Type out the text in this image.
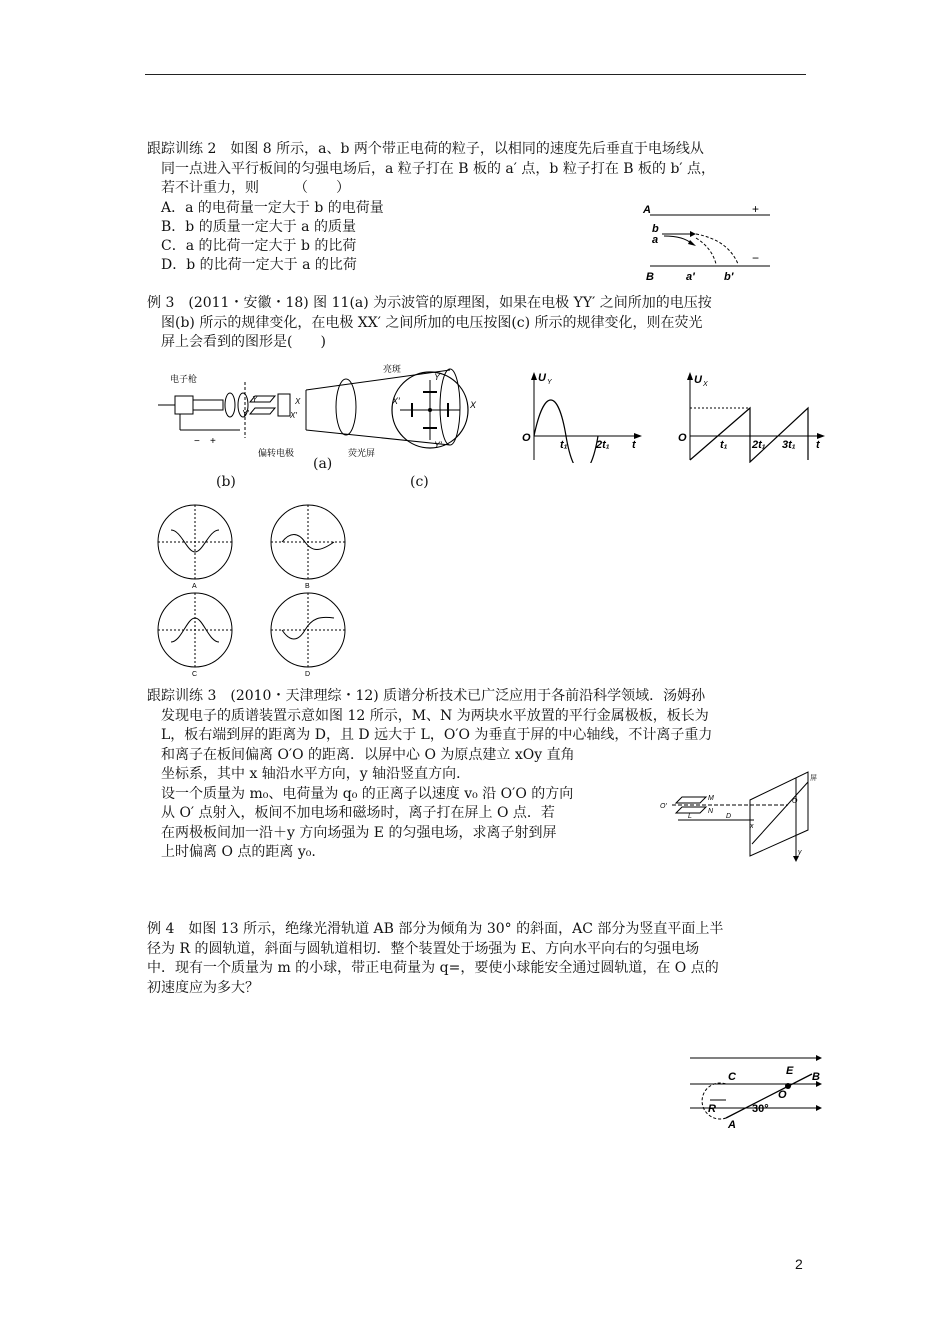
跟踪训练 2　如图 8 所示，a、b 两个带正电荷的粒子，以相同的速度先后垂直于电场线从
同一点进入平行板间的匀强电场后，a 粒子打在 B 板的 a′ 点，b 粒子打在 B 板的 b′ 点，
若不计重力，则　　　（　　）
A．a 的电荷量一定大于 b 的电荷量
B．b 的质量一定大于 a 的质量
C．a 的比荷一定大于 b 的比荷
D．b 的比荷一定大于 a 的比荷
A	+
b
a
−
B	a′	b′
例 3　(2011・安徽・18) 图 11(a) 为示波管的原理图，如果在电极 YY′ 之间所加的电压按
图(b) 所示的规律变化，在电极 XX′ 之间所加的电压按图(c) 所示的规律变化，则在荧光
屏上会看到的图形是(　　)
电子枪
亮斑
Y
Y′
X
X′
− +
偏转电极	荧光屏
(a)
Y
Y′
X
X′
U Y
O
t₁	2t₁ t
U X
O
t₁ 2t₁ 3t₁ t
(b)	(c)
A	B
C	D
跟踪训练 3　(2010・天津理综・12) 质谱分析技术已广泛应用于各前沿科学领域．汤姆孙
发现电子的质谱装置示意如图 12 所示，M、N 为两块水平放置的平行金属极板，板长为
L，板右端到屏的距离为 D，且 D 远大于 L，O′O 为垂直于屏的中心轴线，不计离子重力
和离子在板间偏离 O′O 的距离．以屏中心 O 为原点建立 xOy 直角
坐标系，其中 x 轴沿水平方向，y 轴沿竖直方向．
设一个质量为 m₀、电荷量为 q₀ 的正离子以速度 v₀ 沿 O′O 的方向
从 O′ 点射入，板间不加电场和磁场时，离子打在屏上 O 点．若
在两极板间加一沿＋y 方向场强为 E 的匀强电场，求离子射到屏
上时偏离 O 点的距离 y₀.
屏
M
N
O′
O
L	D
x
y
例 4　如图 13 所示，绝缘光滑轨道 AB 部分为倾角为 30° 的斜面，AC 部分为竖直平面上半
径为 R 的圆轨道，斜面与圆轨道相切．整个装置处于场强为 E、方向水平向右的匀强电场
中．现有一个质量为 m 的小球，带正电荷量为 q=，要使小球能安全通过圆轨道，在 O 点的
初速度应为多大？
C	E B
O
R	30°
A
2
